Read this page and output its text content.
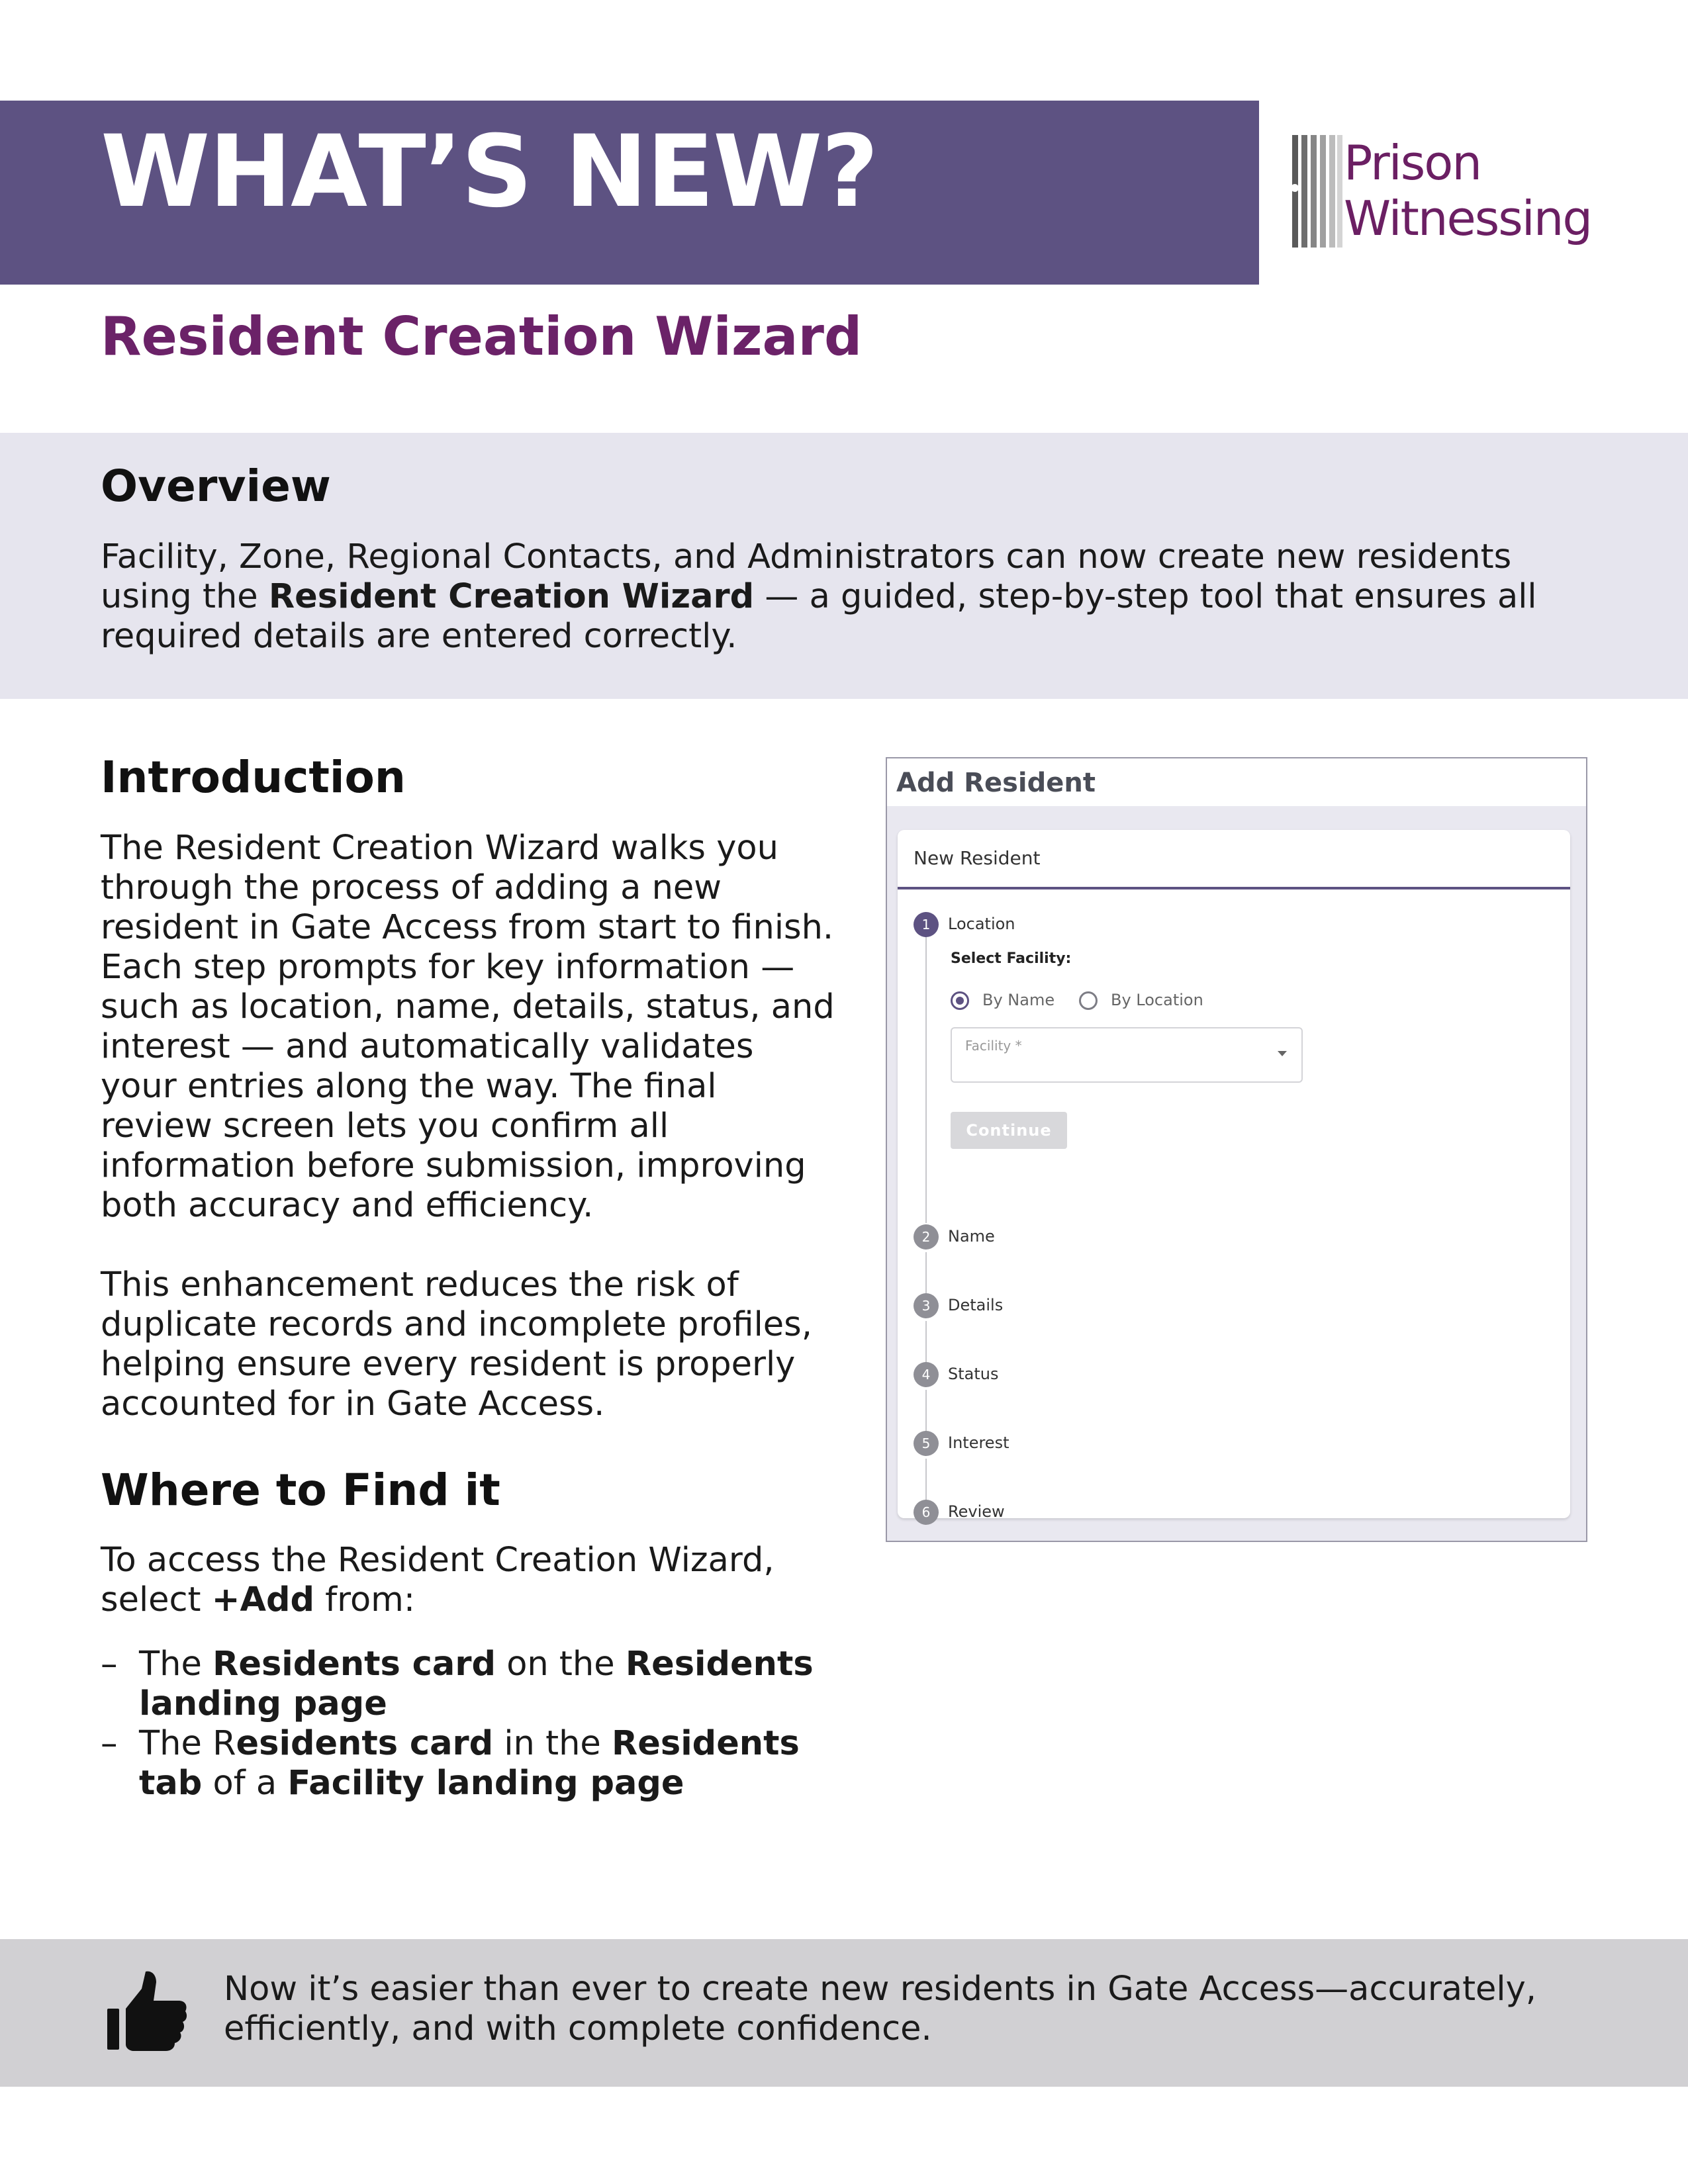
WHAT’S NEW?	Prison
Witnessing
Resident Creation Wizard
Overview
Facility, Zone, Regional Contacts, and Administrators can now create new residents using the Resident Creation Wizard — a guided, step-by-step tool that ensures all required details are entered correctly.
Introduction
The Resident Creation Wizard walks you through the process of adding a new resident in Gate Access from start to finish. Each step prompts for key information — such as location, name, details, status, and interest — and automatically validates your entries along the way. The final review screen lets you confirm all information before submission, improving both accuracy and efficiency.
This enhancement reduces the risk of duplicate records and incomplete profiles, helping ensure every resident is properly accounted for in Gate Access.
Where to Find it
To access the Resident Creation Wizard, select +Add from:
– The Residents card on the Residents landing page
– The Residents card in the Residents tab of a Facility landing page
Add Resident
New Resident
1	Location
Select Facility:
By Name	By Location
Facility *
Continue
2	Name
3	Details
4	Status
5	Interest
6	Review
Now it’s easier than ever to create new residents in Gate Access—accurately, efficiently, and with complete confidence.
